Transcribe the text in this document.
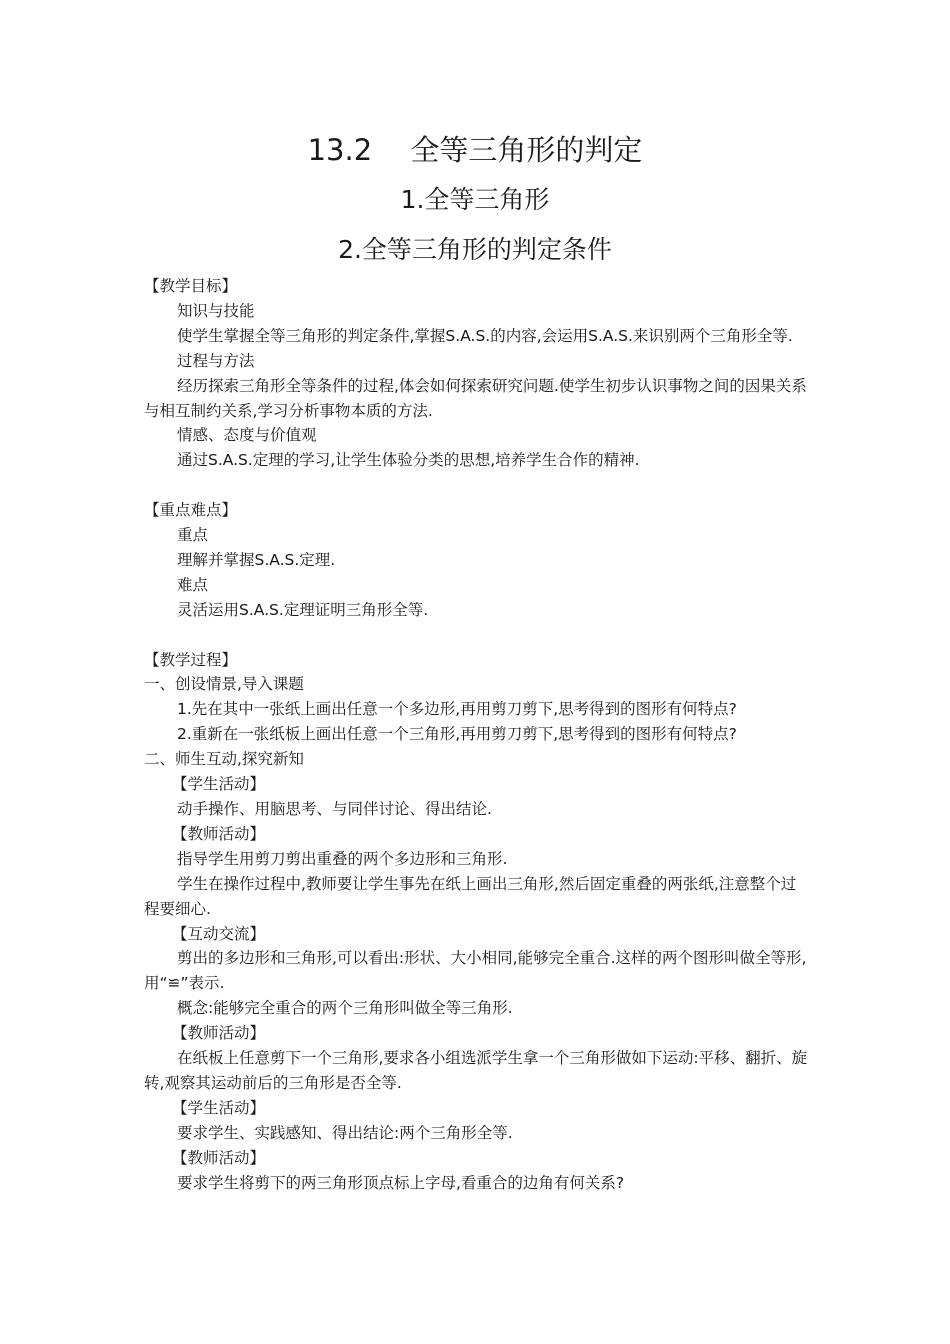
13.2　 全等三角形的判定
1.全等三角形
2.全等三角形的判定条件

【教学目标】

知识与技能

使学生掌握全等三角形的判定条件,掌握S.A.S.的内容,会运用S.A.S.来识别两个三角形全等.

过程与方法

经历探索三角形全等条件的过程,体会如何探索研究问题.使学生初步认识事物之间的因果关系与相互制约关系,学习分析事物本质的方法.

情感、态度与价值观

通过S.A.S.定理的学习,让学生体验分类的思想,培养学生合作的精神.

【重点难点】

重点

理解并掌握S.A.S.定理.

难点

灵活运用S.A.S.定理证明三角形全等.

【教学过程】

一、创设情景,导入课题

1.先在其中一张纸上画出任意一个多边形,再用剪刀剪下,思考得到的图形有何特点?

2.重新在一张纸板上画出任意一个三角形,再用剪刀剪下,思考得到的图形有何特点?

二、师生互动,探究新知

【学生活动】

动手操作、用脑思考、与同伴讨论、得出结论.

【教师活动】

指导学生用剪刀剪出重叠的两个多边形和三角形.

学生在操作过程中,教师要让学生事先在纸上画出三角形,然后固定重叠的两张纸,注意整个过程要细心.

【互动交流】

剪出的多边形和三角形,可以看出:形状、大小相同,能够完全重合.这样的两个图形叫做全等形,用“≌”表示.

概念:能够完全重合的两个三角形叫做全等三角形.

【教师活动】

在纸板上任意剪下一个三角形,要求各小组选派学生拿一个三角形做如下运动:平移、翻折、旋转,观察其运动前后的三角形是否全等.

【学生活动】

要求学生、实践感知、得出结论:两个三角形全等.

【教师活动】

要求学生将剪下的两三角形顶点标上字母,看重合的边角有何关系?
